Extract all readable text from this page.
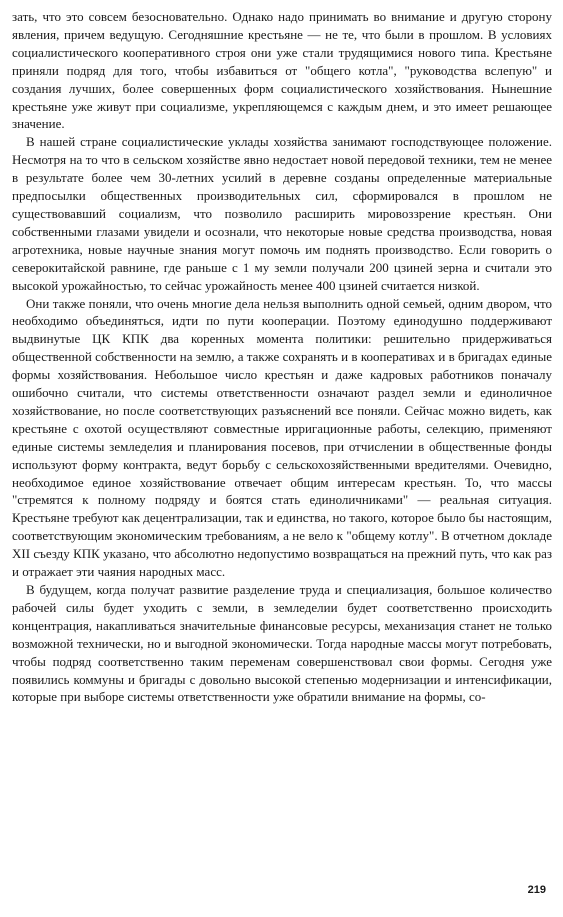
зать, что это совсем безосновательно. Однако надо принимать во внимание и другую сторону явления, причем ведущую. Сегодняшние крестьяне — не те, что были в прошлом. В условиях социалистического кооперативного строя они уже стали трудящимися нового типа. Крестьяне приняли подряд для того, чтобы избавиться от "общего котла", "руководства вслепую" и создания лучших, более совершенных форм социалистического хозяйствования. Нынешние крестьяне уже живут при социализме, укрепляющемся с каждым днем, и это имеет решающее значение.

В нашей стране социалистические уклады хозяйства занимают господствующее положение. Несмотря на то что в сельском хозяйстве явно недостает новой передовой техники, тем не менее в результате более чем 30-летних усилий в деревне созданы определенные материальные предпосылки общественных производительных сил, сформировался в прошлом не существовавший социализм, что позволило расширить мировоззрение крестьян. Они собственными глазами увидели и осознали, что некоторые новые средства производства, новая агротехника, новые научные знания могут помочь им поднять производство. Если говорить о северокитайской равнине, где раньше с 1 му земли получали 200 цзиней зерна и считали это высокой урожайностью, то сейчас урожайность менее 400 цзиней считается низкой.

Они также поняли, что очень многие дела нельзя выполнить одной семьей, одним двором, что необходимо объединяться, идти по пути кооперации. Поэтому единодушно поддерживают выдвинутые ЦК КПК два коренных момента политики: решительно придерживаться общественной собственности на землю, а также сохранять и в кооперативах и в бригадах единые формы хозяйствования. Небольшое число крестьян и даже кадровых работников поначалу ошибочно считали, что системы ответственности означают раздел земли и единоличное хозяйствование, но после соответствующих разъяснений все поняли. Сейчас можно видеть, как крестьяне с охотой осуществляют совместные ирригационные работы, селекцию, применяют единые системы земледелия и планирования посевов, при отчислении в общественные фонды используют форму контракта, ведут борьбу с сельскохозяйственными вредителями. Очевидно, необходимое единое хозяйствование отвечает общим интересам крестьян. То, что массы "стремятся к полному подряду и боятся стать единоличниками" — реальная ситуация. Крестьяне требуют как децентрализации, так и единства, но такого, которое было бы настоящим, соответствующим экономическим требованиям, а не вело к "общему котлу". В отчетном докладе XII съезду КПК указано, что абсолютно недопустимо возвращаться на прежний путь, что как раз и отражает эти чаяния народных масс.

В будущем, когда получат развитие разделение труда и специализация, большое количество рабочей силы будет уходить с земли, в земледелии будет соответственно происходить концентрация, накапливаться значительные финансовые ресурсы, механизация станет не только возможной технически, но и выгодной экономически. Тогда народные массы могут потребовать, чтобы подряд соответственно таким переменам совершенствовал свои формы. Сегодня уже появились коммуны и бригады с довольно высокой степенью модернизации и интенсификации, которые при выборе системы ответственности уже обратили внимание на формы, со-

219
